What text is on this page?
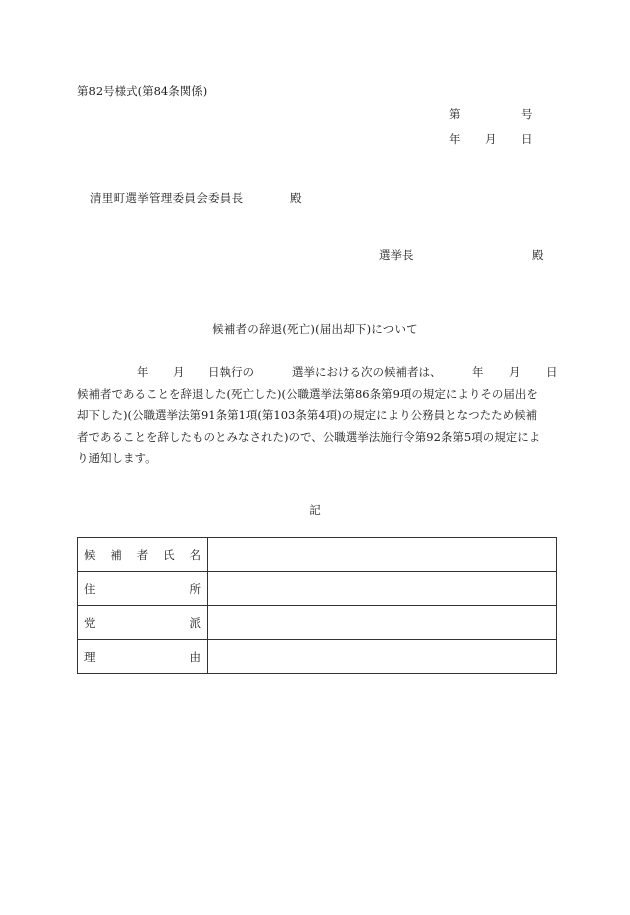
第82号様式(第84条関係)
第	号
年 月 日
清里町選挙管理委員会委員長	殿
選挙長	殿
候補者の辞退(死亡)(届出却下)について
年 月 日執行の	選挙における次の候補者は、	年 月 日
候補者であることを辞退した(死亡した)(公職選挙法第86条第9項の規定によりその届出を
却下した)(公職選挙法第91条第1項(第103条第4項)の規定により公務員となつたため候補
者であることを辞したものとみなされた)ので、公職選挙法施行令第92条第5項の規定によ
り通知します。
記
候 補 者 氏 名	

住 所	

党 派	

理 由	
